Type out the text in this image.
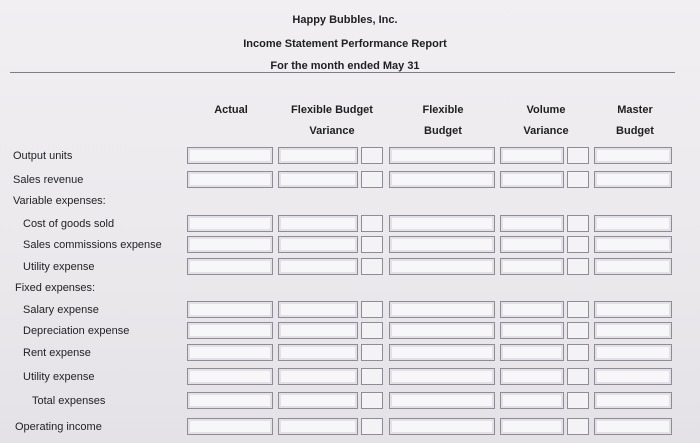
Happy Bubbles, Inc.
Income Statement Performance Report
For the month ended May 31
Actual	Flexible Budget
Variance
Flexible
Budget
Volume
Variance
Master
Budget
Output units
Sales revenue
Variable expenses:
Cost of goods sold
Sales commissions expense
Utility expense
Fixed expenses:
Salary expense
Depreciation expense
Rent expense
Utility expense
Total expenses
Operating income
